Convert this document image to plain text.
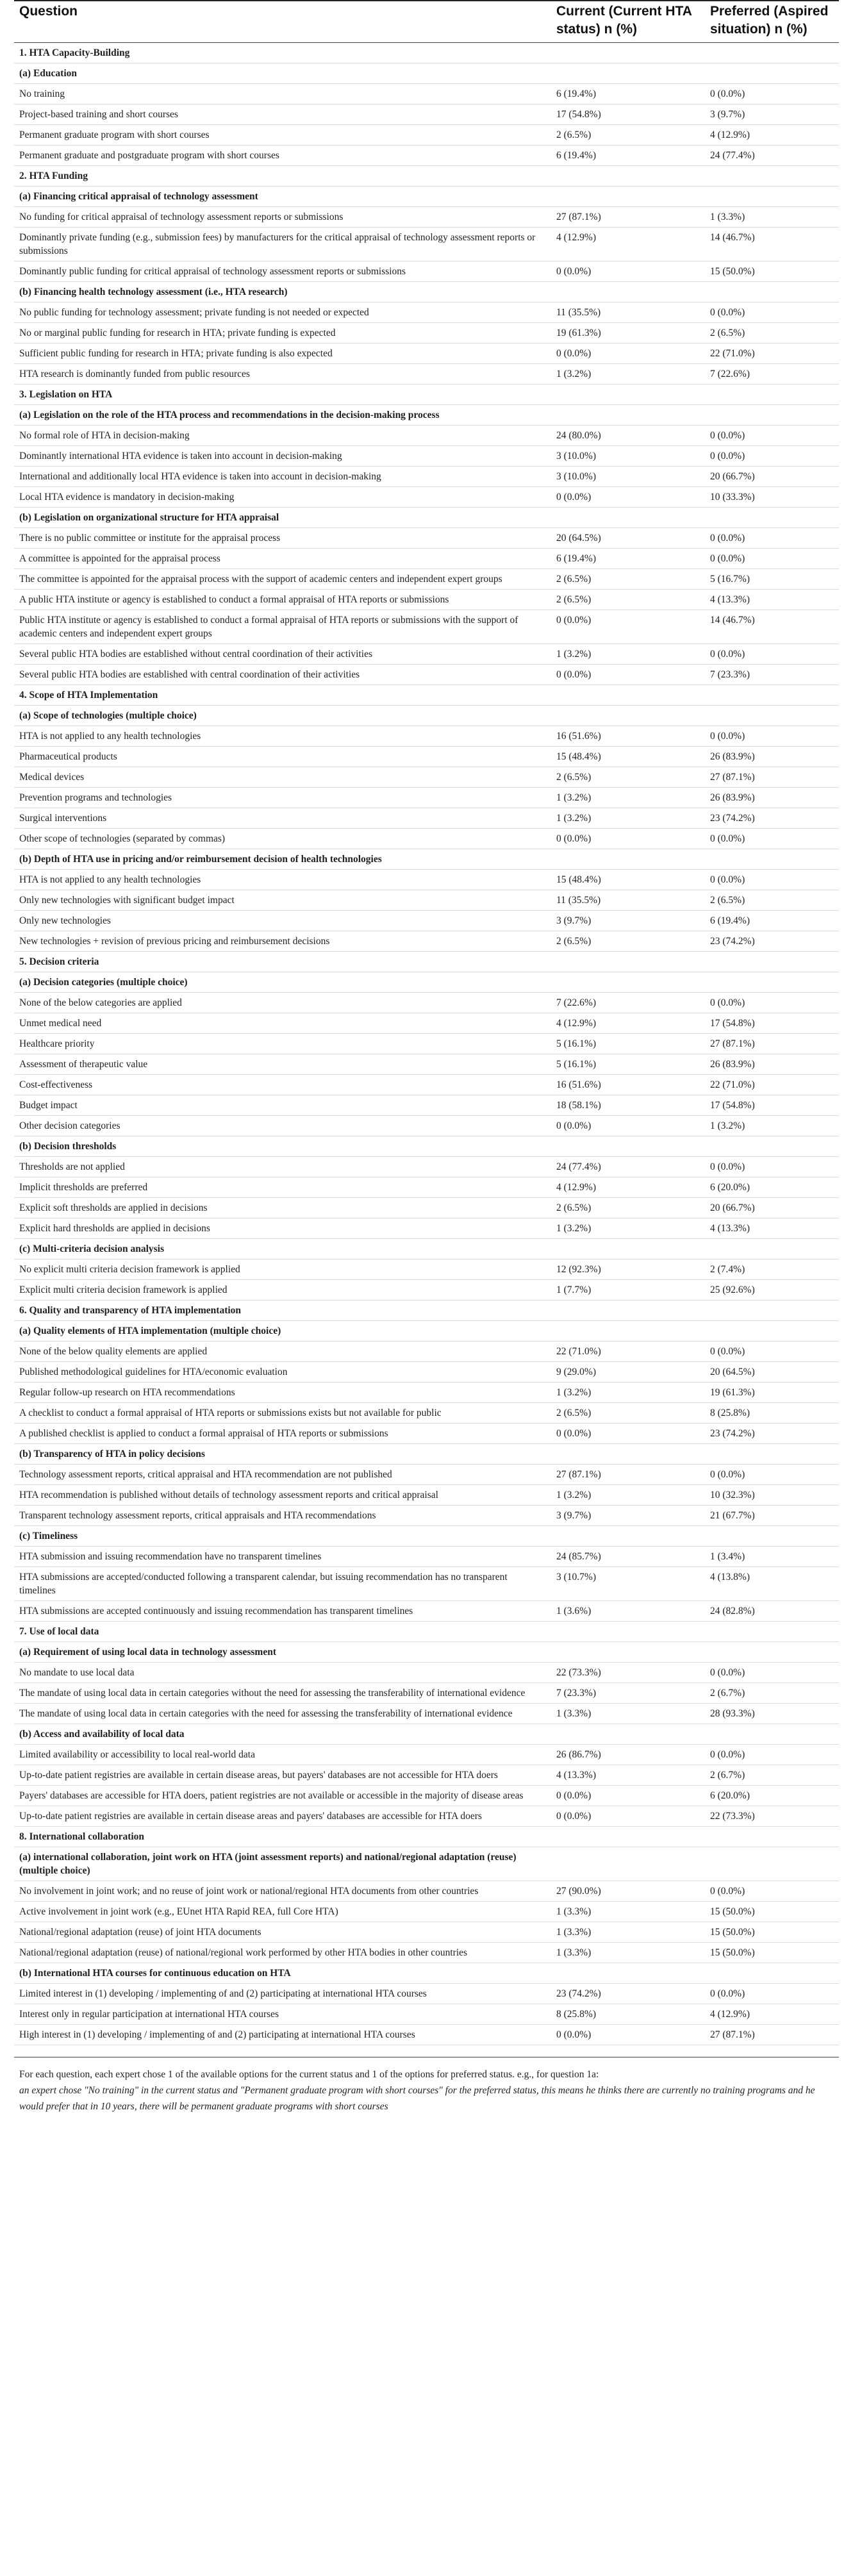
Question	Current (Current HTA status) n (%)	Preferred (Aspired situation) n (%)
1. HTA Capacity-Building		
(a) Education		
No training	6 (19.4%)	0 (0.0%)
Project-based training and short courses	17 (54.8%)	3 (9.7%)
Permanent graduate program with short courses	2 (6.5%)	4 (12.9%)
Permanent graduate and postgraduate program with short courses	6 (19.4%)	24 (77.4%)
2. HTA Funding		
(a) Financing critical appraisal of technology assessment		
No funding for critical appraisal of technology assessment reports or submissions	27 (87.1%)	1 (3.3%)
Dominantly private funding (e.g., submission fees) by manufacturers for the critical appraisal of technology assessment reports or submissions	4 (12.9%)	14 (46.7%)
Dominantly public funding for critical appraisal of technology assessment reports or submissions	0 (0.0%)	15 (50.0%)
(b) Financing health technology assessment (i.e., HTA research)		
No public funding for technology assessment; private funding is not needed or expected	11 (35.5%)	0 (0.0%)
No or marginal public funding for research in HTA; private funding is expected	19 (61.3%)	2 (6.5%)
Sufficient public funding for research in HTA; private funding is also expected	0 (0.0%)	22 (71.0%)
HTA research is dominantly funded from public resources	1 (3.2%)	7 (22.6%)
3. Legislation on HTA		
(a) Legislation on the role of the HTA process and recommendations in the decision-making process		
No formal role of HTA in decision-making	24 (80.0%)	0 (0.0%)
Dominantly international HTA evidence is taken into account in decision-making	3 (10.0%)	0 (0.0%)
International and additionally local HTA evidence is taken into account in decision-making	3 (10.0%)	20 (66.7%)
Local HTA evidence is mandatory in decision-making	0 (0.0%)	10 (33.3%)
(b) Legislation on organizational structure for HTA appraisal		
There is no public committee or institute for the appraisal process	20 (64.5%)	0 (0.0%)
A committee is appointed for the appraisal process	6 (19.4%)	0 (0.0%)
The committee is appointed for the appraisal process with the support of academic centers and independent expert groups	2 (6.5%)	5 (16.7%)
A public HTA institute or agency is established to conduct a formal appraisal of HTA reports or submissions	2 (6.5%)	4 (13.3%)
Public HTA institute or agency is established to conduct a formal appraisal of HTA reports or submissions with the support of academic centers and independent expert groups	0 (0.0%)	14 (46.7%)
Several public HTA bodies are established without central coordination of their activities	1 (3.2%)	0 (0.0%)
Several public HTA bodies are established with central coordination of their activities	0 (0.0%)	7 (23.3%)
4. Scope of HTA Implementation		
(a) Scope of technologies (multiple choice)		
HTA is not applied to any health technologies	16 (51.6%)	0 (0.0%)
Pharmaceutical products	15 (48.4%)	26 (83.9%)
Medical devices	2 (6.5%)	27 (87.1%)
Prevention programs and technologies	1 (3.2%)	26 (83.9%)
Surgical interventions	1 (3.2%)	23 (74.2%)
Other scope of technologies (separated by commas)	0 (0.0%)	0 (0.0%)
(b) Depth of HTA use in pricing and/or reimbursement decision of health technologies		
HTA is not applied to any health technologies	15 (48.4%)	0 (0.0%)
Only new technologies with significant budget impact	11 (35.5%)	2 (6.5%)
Only new technologies	3 (9.7%)	6 (19.4%)
New technologies + revision of previous pricing and reimbursement decisions	2 (6.5%)	23 (74.2%)
5. Decision criteria		
(a) Decision categories (multiple choice)		
None of the below categories are applied	7 (22.6%)	0 (0.0%)
Unmet medical need	4 (12.9%)	17 (54.8%)
Healthcare priority	5 (16.1%)	27 (87.1%)
Assessment of therapeutic value	5 (16.1%)	26 (83.9%)
Cost-effectiveness	16 (51.6%)	22 (71.0%)
Budget impact	18 (58.1%)	17 (54.8%)
Other decision categories	0 (0.0%)	1 (3.2%)
(b) Decision thresholds		
Thresholds are not applied	24 (77.4%)	0 (0.0%)
Implicit thresholds are preferred	4 (12.9%)	6 (20.0%)
Explicit soft thresholds are applied in decisions	2 (6.5%)	20 (66.7%)
Explicit hard thresholds are applied in decisions	1 (3.2%)	4 (13.3%)
(c) Multi-criteria decision analysis		
No explicit multi criteria decision framework is applied	12 (92.3%)	2 (7.4%)
Explicit multi criteria decision framework is applied	1 (7.7%)	25 (92.6%)
6. Quality and transparency of HTA implementation		
(a) Quality elements of HTA implementation (multiple choice)		
None of the below quality elements are applied	22 (71.0%)	0 (0.0%)
Published methodological guidelines for HTA/economic evaluation	9 (29.0%)	20 (64.5%)
Regular follow-up research on HTA recommendations	1 (3.2%)	19 (61.3%)
A checklist to conduct a formal appraisal of HTA reports or submissions exists but not available for public	2 (6.5%)	8 (25.8%)
A published checklist is applied to conduct a formal appraisal of HTA reports or submissions	0 (0.0%)	23 (74.2%)
(b) Transparency of HTA in policy decisions		
Technology assessment reports, critical appraisal and HTA recommendation are not published	27 (87.1%)	0 (0.0%)
HTA recommendation is published without details of technology assessment reports and critical appraisal	1 (3.2%)	10 (32.3%)
Transparent technology assessment reports, critical appraisals and HTA recommendations	3 (9.7%)	21 (67.7%)
(c) Timeliness		
HTA submission and issuing recommendation have no transparent timelines	24 (85.7%)	1 (3.4%)
HTA submissions are accepted/conducted following a transparent calendar, but issuing recommendation has no transparent timelines	3 (10.7%)	4 (13.8%)
HTA submissions are accepted continuously and issuing recommendation has transparent timelines	1 (3.6%)	24 (82.8%)
7. Use of local data		
(a) Requirement of using local data in technology assessment		
No mandate to use local data	22 (73.3%)	0 (0.0%)
The mandate of using local data in certain categories without the need for assessing the transferability of international evidence	7 (23.3%)	2 (6.7%)
The mandate of using local data in certain categories with the need for assessing the transferability of international evidence	1 (3.3%)	28 (93.3%)
(b) Access and availability of local data		
Limited availability or accessibility to local real-world data	26 (86.7%)	0 (0.0%)
Up-to-date patient registries are available in certain disease areas, but payers' databases are not accessible for HTA doers	4 (13.3%)	2 (6.7%)
Payers' databases are accessible for HTA doers, patient registries are not available or accessible in the majority of disease areas	0 (0.0%)	6 (20.0%)
Up-to-date patient registries are available in certain disease areas and payers' databases are accessible for HTA doers	0 (0.0%)	22 (73.3%)
8. International collaboration		
(a) international collaboration, joint work on HTA (joint assessment reports) and national/regional adaptation (reuse) (multiple choice)		
No involvement in joint work; and no reuse of joint work or national/regional HTA documents from other countries	27 (90.0%)	0 (0.0%)
Active involvement in joint work (e.g., EUnet HTA Rapid REA, full Core HTA)	1 (3.3%)	15 (50.0%)
National/regional adaptation (reuse) of joint HTA documents	1 (3.3%)	15 (50.0%)
National/regional adaptation (reuse) of national/regional work performed by other HTA bodies in other countries	1 (3.3%)	15 (50.0%)
(b) International HTA courses for continuous education on HTA		
Limited interest in (1) developing / implementing of and (2) participating at international HTA courses	23 (74.2%)	0 (0.0%)
Interest only in regular participation at international HTA courses	8 (25.8%)	4 (12.9%)
High interest in (1) developing / implementing of and (2) participating at international HTA courses	0 (0.0%)	27 (87.1%)
For each question, each expert chose 1 of the available options for the current status and 1 of the options for preferred status. e.g., for question 1a:
an expert chose "No training" in the current status and "Permanent graduate program with short courses" for the preferred status, this means he thinks there are currently no training programs and he would prefer that in 10 years, there will be permanent graduate programs with short courses
